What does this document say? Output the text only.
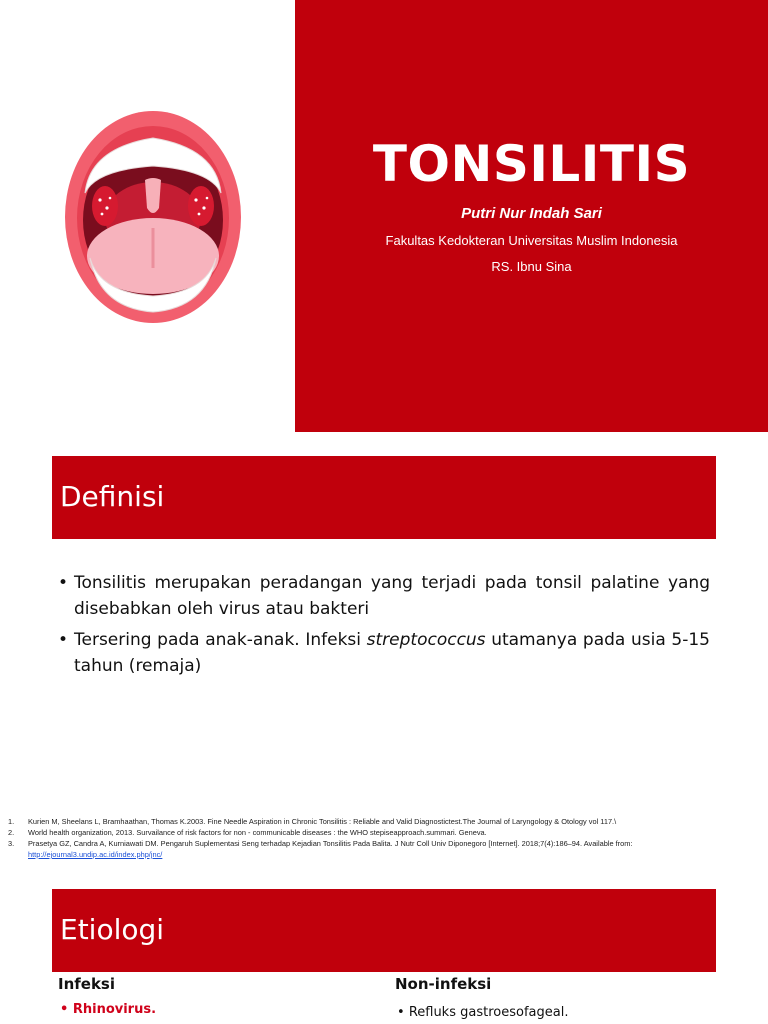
TONSILITIS
Putri Nur Indah Sari
Fakultas Kedokteran Universitas Muslim Indonesia
RS. Ibnu Sina
Definisi
• Tonsilitis merupakan peradangan yang terjadi pada tonsil palatine yang disebabkan oleh virus atau bakteri
• Tersering pada anak-anak. Infeksi streptococcus utamanya pada usia 5-15 tahun (remaja)
1. Kurien M, Sheelans L, Bramhaathan, Thomas K.2003. Fine Needle Aspiration in Chronic Tonsilitis : Reliable and Valid Diagnostictest.The Journal of Laryngology & Otology vol 117.\
2. World health organization, 2013. Survailance of risk factors for non - communicable diseases : the WHO stepiseapproach.summari. Geneva.
3. Prasetya GZ, Candra A, Kurniawati DM. Pengaruh Suplementasi Seng terhadap Kejadian Tonsilitis Pada Balita. J Nutr Coll Univ Diponegoro [Internet]. 2018;7(4):186–94. Available from: http://ejournal3.undip.ac.id/index.php/jnc/
Etiologi
Infeksi	Non-infeksi
• Rhinovirus.	• Refluks gastroesofageal.
